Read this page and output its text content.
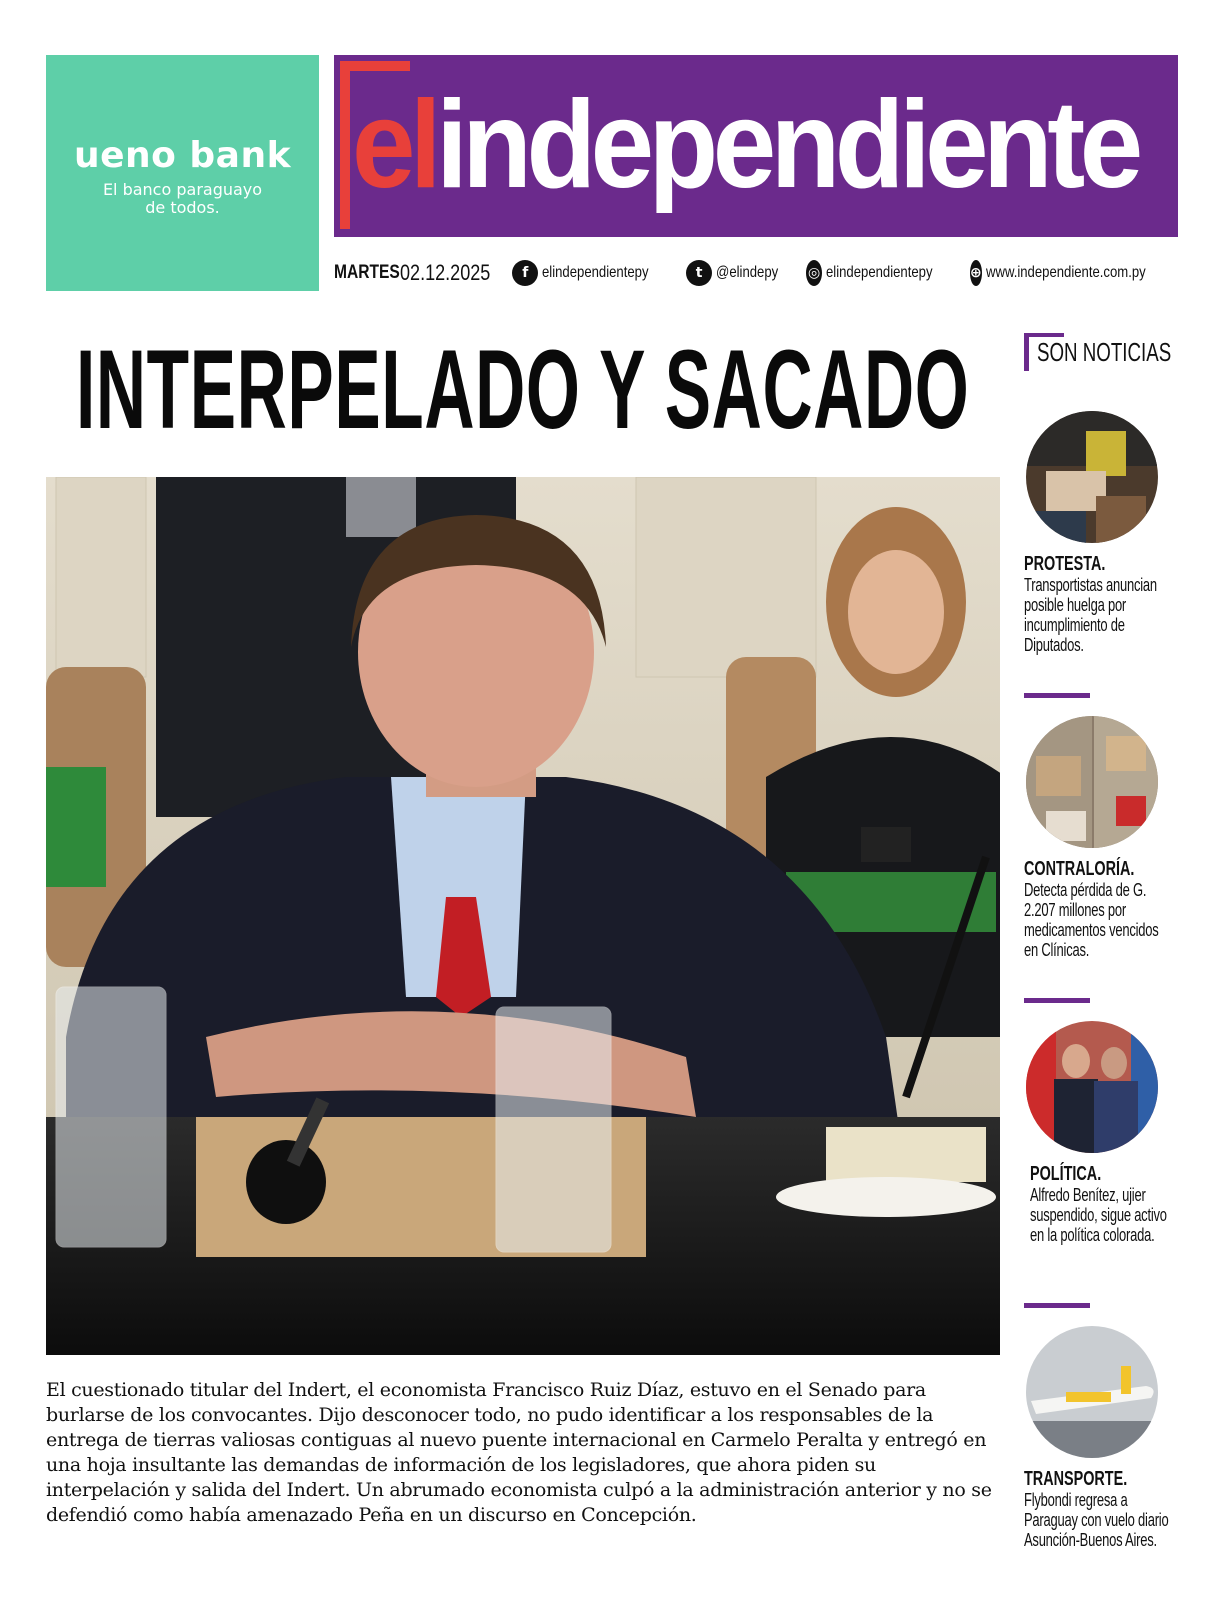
ueno bank
El banco paraguayo
de todos.	elindependiente
MARTES 02.12.2025	f elindependientepy	t @elindepy ◎ elindependientepy	⊕ www.independiente.com.py
INTERPELADO Y SACADO
El cuestionado titular del Indert, el economista Francisco Ruiz Díaz, estuvo en el Senado para burlarse de los convocantes. Dijo desconocer todo, no pudo identificar a los responsables de la entrega de tierras valiosas contiguas al nuevo puente internacional en Carmelo Peralta y entregó en una hoja insultante las demandas de información de los legisladores, que ahora piden su interpelación y salida del Indert. Un abrumado economista culpó a la administración anterior y no se defendió como había amenazado Peña en un discurso en Concepción.
SON NOTICIAS
PROTESTA.
Transportistas anuncian posible huelga por incumplimiento de Diputados.
CONTRALORÍA.
Detecta pérdida de G. 2.207 millones por medicamentos vencidos en Clínicas.
POLÍTICA.
Alfredo Benítez, ujier suspendido, sigue activo en la política colorada.
TRANSPORTE.
Flybondi regresa a Paraguay con vuelo diario Asunción-Buenos Aires.
